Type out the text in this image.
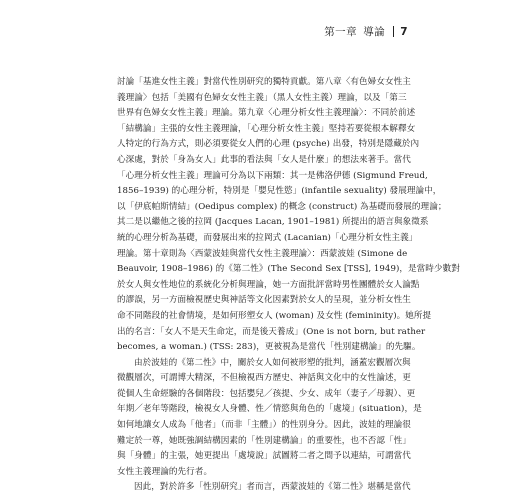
第一章 導論 7
討論「基進女性主義」對當代性別研究的獨特貢獻。第八章〈有色婦女女性主
義理論〉包括「美國有色婦女女性主義」（黑人女性主義）理論，以及「第三
世界有色婦女女性主義」理論。第九章〈心理分析女性主義理論〉：不同於前述
「結構論」主張的女性主義理論，「心理分析女性主義」堅持若要從根本解釋女
人特定的行為方式，則必須要從女人們的心理 (psyche) 出發，特別是隱藏於內
心深處，對於「身為女人」此事的看法與「女人是什麼」的想法來著手。當代
「心理分析女性主義」理論可分為以下兩類：其一是佛洛伊德 (Sigmund Freud,
1856–1939) 的心理分析，特別是「嬰兒性慾」(infantile sexuality) 發展理論中，
以「伊底帕斯情結」(Oedipus complex) 的概念 (construct) 為基礎而發展的理論；
其二是以繼他之後的拉岡 (Jacques Lacan, 1901–1981) 所提出的語言與象徵系
統的心理分析為基礎，而發展出來的拉岡式 (Lacanian)「心理分析女性主義」
理論。第十章則為〈西蒙波娃與當代女性主義理論〉：西蒙波娃 (Simone de
Beauvoir, 1908–1986) 的《第二性》(The Second Sex [TSS], 1949)，是當時少數對
於女人與女性地位的系統化分析與理論，她一方面批評當時男性團體於女人論點
的謬誤，另一方面檢視歷史與神話等文化因素對於女人的呈現，並分析女性生
命不同階段的社會情境，是如何形塑女人 (woman) 及女性 (femininity)。她所提
出的名言：「女人不是天生命定，而是後天養成」(One is not born, but rather
becomes, a woman.) (TSS: 283)，更被視為是當代「性別建構論」的先驅。
由於波娃的《第二性》中，關於女人如何被形塑的批判，涵蓋宏觀層次與
微觀層次，可謂博大精深，不但檢視西方歷史、神話與文化中的女性論述，更
從個人生命經驗的各個階段：包括嬰兒／孩提、少女、成年（妻子／母親）、更
年期／老年等階段，檢視女人身體、性／情慾與角色的「處境」(situation)，是
如何地讓女人成為「他者」（而非「主體」）的性別身分。因此，波娃的理論很
難定於一尊，她既強調結構因素的「性別建構論」的重要性，也不否認「性」
與「身體」的主張，她更提出「處境說」試圖將二者之間予以連結，可謂當代
女性主義理論的先行者。
因此，對於許多「性別研究」者而言，西蒙波娃的《第二性》堪稱是當代
